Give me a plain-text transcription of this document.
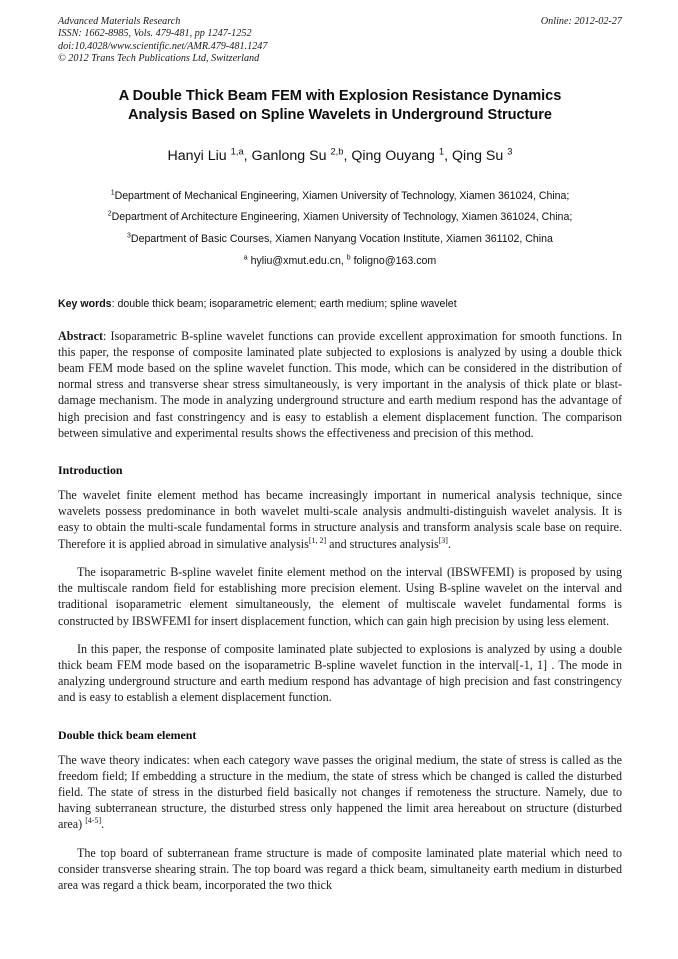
Advanced Materials Research
ISSN: 1662-8985, Vols. 479-481, pp 1247-1252
doi:10.4028/www.scientific.net/AMR.479-481.1247
© 2012 Trans Tech Publications Ltd, Switzerland
Online: 2012-02-27
A Double Thick Beam FEM with Explosion Resistance Dynamics
Analysis Based on Spline Wavelets in Underground Structure
Hanyi Liu $^{1,a}$, Ganlong Su $^{2,b}$, Qing Ouyang $^1$, Qing Su $^3$
$^1$Department of Mechanical Engineering, Xiamen University of Technology, Xiamen 361024, China;
$^2$Department of Architecture Engineering, Xiamen University of Technology, Xiamen 361024, China;
$^3$Department of Basic Courses, Xiamen Nanyang Vocation Institute, Xiamen 361102, China
$^a$ hyliu@xmut.edu.cn, $^b$ foligno@163.com
Key words: double thick beam; isoparametric element; earth medium; spline wavelet
Abstract: Isoparametric B-spline wavelet functions can provide excellent approximation for smooth functions. In this paper, the response of composite laminated plate subjected to explosions is analyzed by using a double thick beam FEM mode based on the spline wavelet function. This mode, which can be considered in the distribution of normal stress and transverse shear stress simultaneously, is very important in the analysis of thick plate or blast-damage mechanism. The mode in analyzing underground structure and earth medium respond has the advantage of high precision and fast constringency and is easy to establish a element displacement function. The comparison between simulative and experimental results shows the effectiveness and precision of this method.
Introduction

The wavelet finite element method has became increasingly important in numerical analysis technique, since wavelets possess predominance in both wavelet multi-scale analysis andmulti-distinguish wavelet analysis. It is easy to obtain the multi-scale fundamental forms in structure analysis and transform analysis scale base on require. Therefore it is applied abroad in simulative analysis[1, 2] and structures analysis[3].

The isoparametric B-spline wavelet finite element method on the interval (IBSWFEMI) is proposed by using the multiscale random field for establishing more precision element. Using B-spline wavelet on the interval and traditional isoparametric element simultaneously, the element of multiscale wavelet fundamental forms is constructed by IBSWFEMI for insert displacement function, which can gain high precision by using less element.

In this paper, the response of composite laminated plate subjected to explosions is analyzed by using a double thick beam FEM mode based on the isoparametric B-spline wavelet function in the interval[-1, 1] . The mode in analyzing underground structure and earth medium respond has advantage of high precision and fast constringency and is easy to establish a element displacement function.

Double thick beam element

The wave theory indicates: when each category wave passes the original medium, the state of stress is called as the freedom field; If embedding a structure in the medium, the state of stress which be changed is called the disturbed field. The state of stress in the disturbed field basically not changes if remoteness the structure. Namely, due to having subterranean structure, the disturbed stress only happened the limit area hereabout on structure (disturbed area) [4-5].

The top board of subterranean frame structure is made of composite laminated plate material which need to consider transverse shearing strain. The top board was regard a thick beam, simultaneity earth medium in disturbed area was regard a thick beam, incorporated the two thick
